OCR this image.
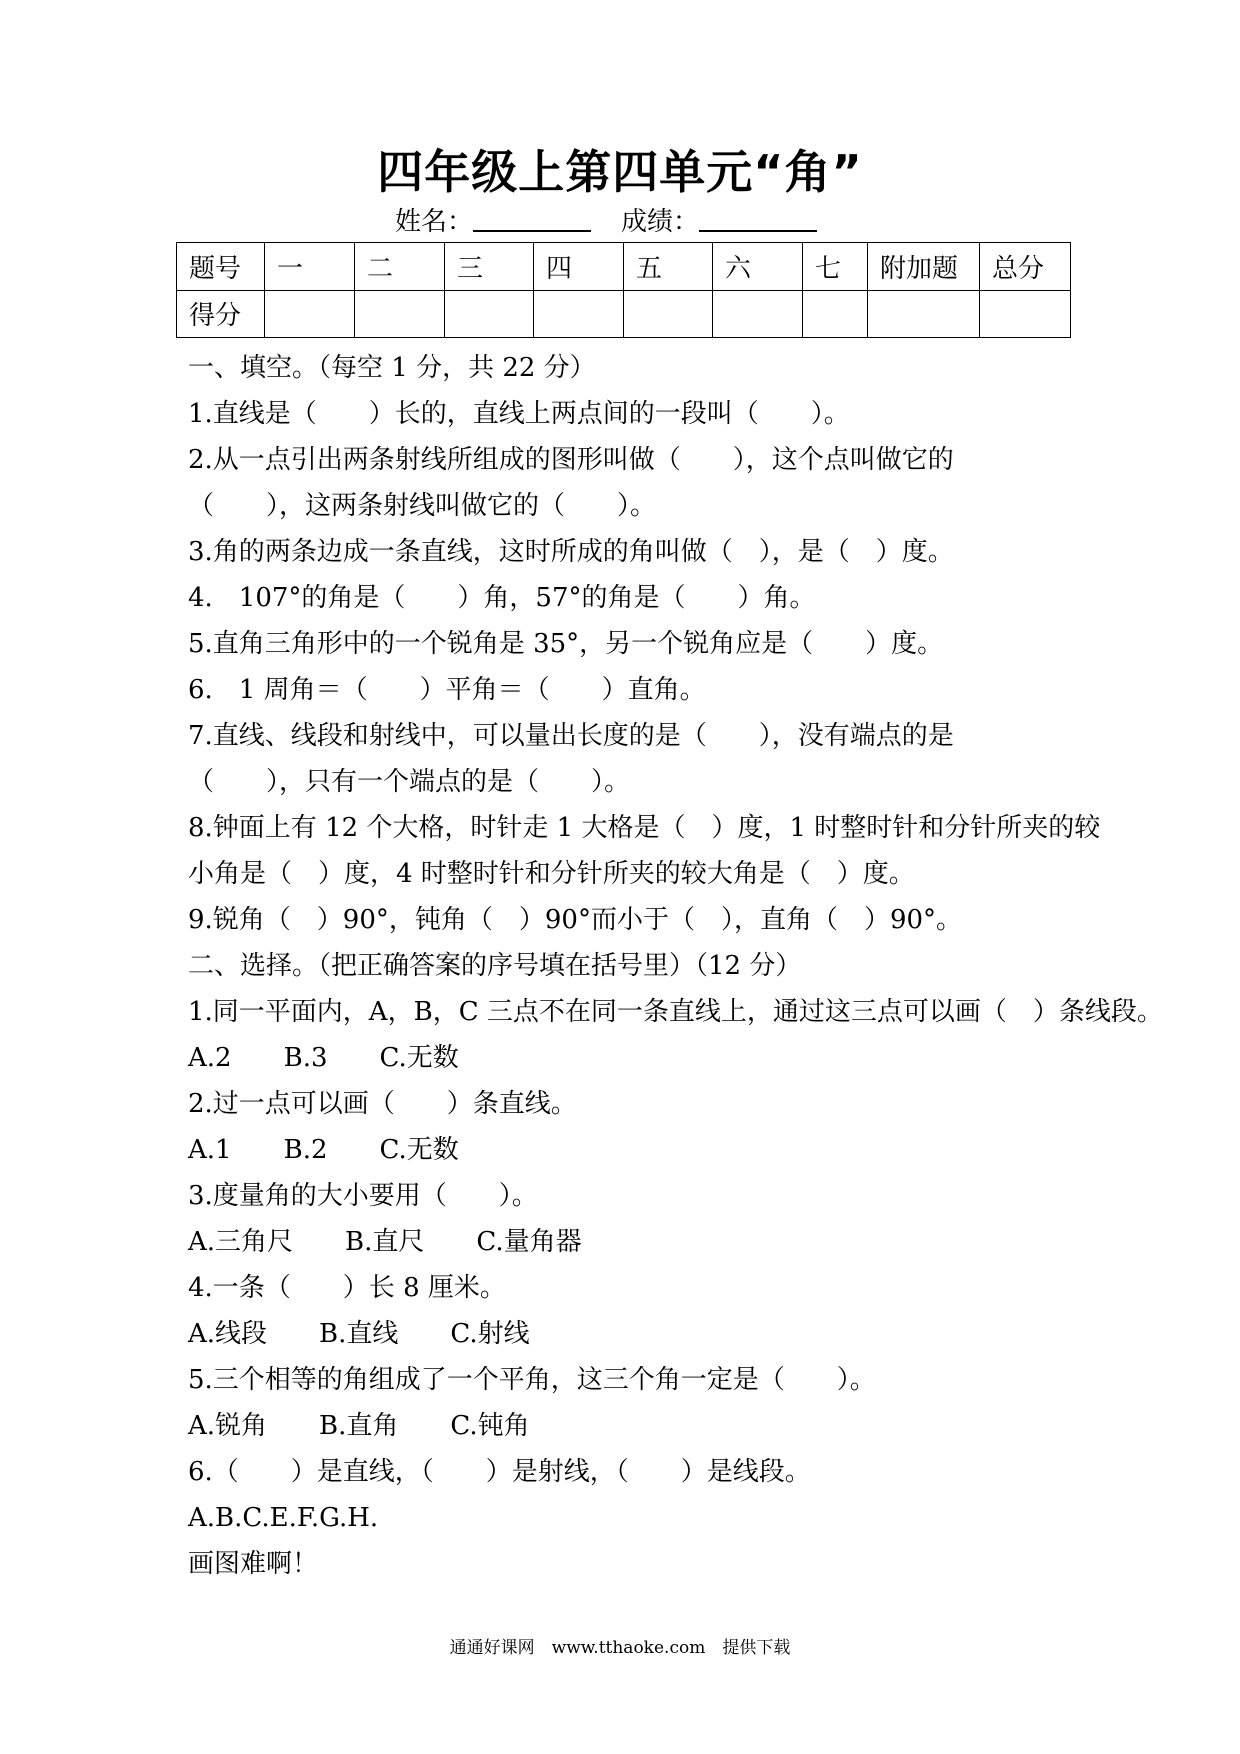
四年级上第四单元“角”
姓名：	成绩：
题号	一	二	三	四	五	六	七	附加题	总分
得分									
一、填空。（每空 1 分，共 22 分）
1.直线是（　　）长的，直线上两点间的一段叫（　　）。
2.从一点引出两条射线所组成的图形叫做（　　），这个点叫做它的
（　　），这两条射线叫做它的（　　）。
3.角的两条边成一条直线，这时所成的角叫做（　），是（　）度。
4.　107°的角是（　　）角，57°的角是（　　）角。
5.直角三角形中的一个锐角是 35°，另一个锐角应是（　　）度。
6.　1 周角＝（　　）平角＝（　　）直角。
7.直线、线段和射线中，可以量出长度的是（　　），没有端点的是
（　　），只有一个端点的是（　　）。
8.钟面上有 12 个大格，时针走 1 大格是（　）度，1 时整时针和分针所夹的较
小角是（　）度，4 时整时针和分针所夹的较大角是（　）度。
9.锐角（　）90°，钝角（　）90°而小于（　），直角（　）90°。
二、选择。（把正确答案的序号填在括号里）（12 分）
1.同一平面内，A，B，C 三点不在同一条直线上，通过这三点可以画（　）条线段。
A.2　　B.3　　C.无数
2.过一点可以画（　　）条直线。
A.1　　B.2　　C.无数
3.度量角的大小要用（　　）。
A.三角尺　　B.直尺　　C.量角器
4.一条（　　）长 8 厘米。
A.线段　　B.直线　　C.射线
5.三个相等的角组成了一个平角，这三个角一定是（　　）。
A.锐角　　B.直角　　C.钝角
6.（　　）是直线，（　　）是射线，（　　）是线段。
A.B.C.E.F.G.H.
画图难啊！
通通好课网　www.tthaoke.com　提供下载
